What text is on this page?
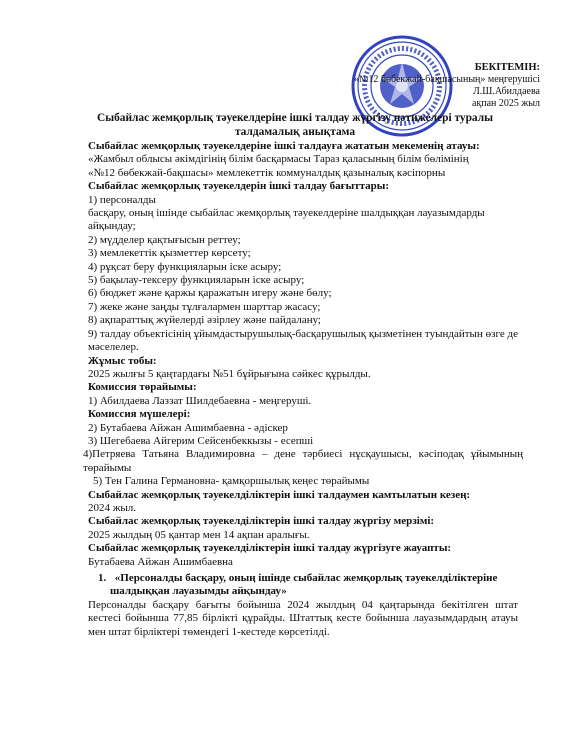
БЕКІТЕМІН:
«№12 бөбекжай-бақшасының» меңгерушісі
Л.Ш.Абилдаева
ақпан 2025 жыл
Сыбайлас жемқорлық тәуекелдеріне ішкі талдау жүргізу нәтижелері туралы
талдамалық анықтама
Сыбайлас жемқорлық тәуекелдеріне ішкі талдауға жататын мекеменің атауы:
«Жамбыл облысы әкімдігінің білім басқармасы Тараз қаласының білім бөлімінің
«№12 бөбекжай-бақшасы» мемлекеттік коммуналдық қазыналық кәсіпорны
Сыбайлас жемқорлық тәуекелдерін ішкі талдау бағыттары:
1) персоналды
басқару, оның ішінде сыбайлас жемқорлық тәуекелдеріне шалдыққан лауазымдарды айқындау;
2) мүдделер қақтығысын реттеу;
3) мемлекеттік қызметтер көрсету;
4) рұқсат беру функцияларын іске асыру;
5) бақылау-тексеру функцияларын іске асыру;
6) бюджет және қаржы қаражатын игеру және бөлу;
7) жеке және заңды тұлғалармен шарттар жасасу;
8) ақпараттық жүйелерді әзірлеу және пайдалану;
9) талдау объектісінің ұйымдастырушылық-басқарушылық қызметінен туындайтын өзге де мәселелер.
Жұмыс тобы:
2025 жылғы 5 қаңтардағы №51 бұйрығына сәйкес құрылды.
Комиссия төрайымы:
1) Абилдаева Лаззат Шилдебаевна - меңгеруші.
Комиссия мүшелері:
2) Бутабаева Айжан Ашимбаевна - әдіскер
3) Шегебаева Айгерим Сейсенбеккызы - есепші
4)Петряева Татьяна Владимировна – дене тәрбиесі нұсқаушысы, кәсіподақ ұйымының төрайымы
5) Тен Галина Германовна- қамқоршылық кеңес төрайымы
Сыбайлас жемқорлық тәуекелділіктерін ішкі талдаумен камтылатын кезең:
2024 жыл.
Сыбайлас жемқорлық тәуекелділіктерін ішкі талдау жүргізу мерзімі:
2025 жылдың 05 қантар мен 14 ақпан аралығы.
Сыбайлас жемқорлық тәуекелділіктерін ішкі талдау жүргізуге жауапты:
Бутабаева Айжан Ашимбаевна
1. «Персоналды басқару, оның ішінде сыбайлас жемқорлық тәуекелділіктеріне
шалдыққан лауазымды айқындау»
Персоналды басқару бағыты бойынша 2024 жылдың 04 қаңтарында бекітілген штат кестесі бойынша 77,85 бірлікті құрайды. Штаттық кесте бойынша лауазымдардың атауы мен штат бірліктері төмендегі 1-кестеде көрсетілді.
